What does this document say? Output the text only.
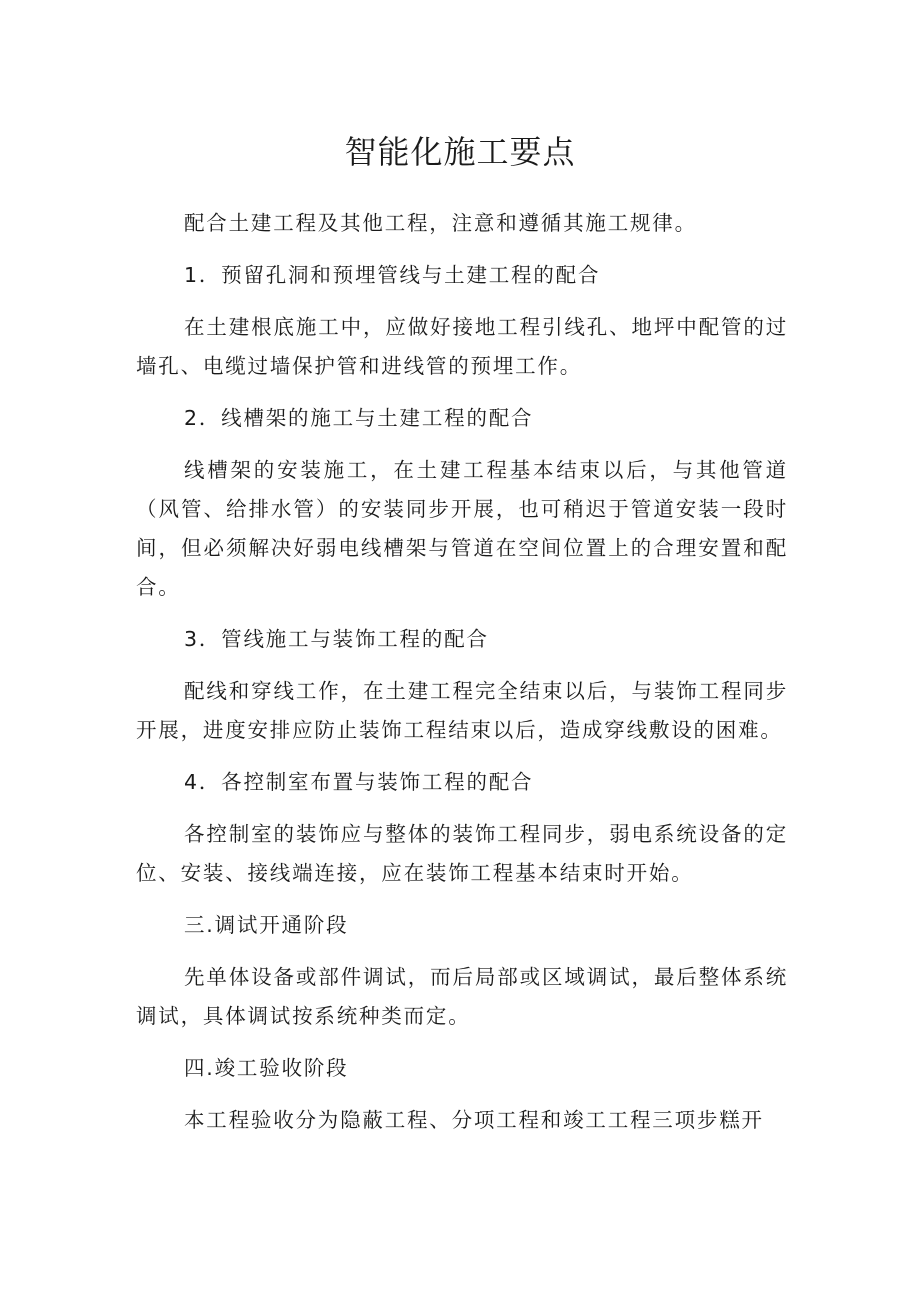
智能化施工要点

配合土建工程及其他工程，注意和遵循其施工规律。

1．预留孔洞和预埋管线与土建工程的配合

在土建根底施工中，应做好接地工程引线孔、地坪中配管的过墙孔、电缆过墙保护管和进线管的预埋工作。

2．线槽架的施工与土建工程的配合

线槽架的安装施工，在土建工程基本结束以后，与其他管道（风管、给排水管）的安装同步开展，也可稍迟于管道安装一段时间，但必须解决好弱电线槽架与管道在空间位置上的合理安置和配合。

3．管线施工与装饰工程的配合

配线和穿线工作，在土建工程完全结束以后，与装饰工程同步开展，进度安排应防止装饰工程结束以后，造成穿线敷设的困难。

4．各控制室布置与装饰工程的配合

各控制室的装饰应与整体的装饰工程同步，弱电系统设备的定位、安装、接线端连接，应在装饰工程基本结束时开始。

三.调试开通阶段

先单体设备或部件调试，而后局部或区域调试，最后整体系统调试，具体调试按系统种类而定。

四.竣工验收阶段

本工程验收分为隐蔽工程、分项工程和竣工工程三项步糕开
